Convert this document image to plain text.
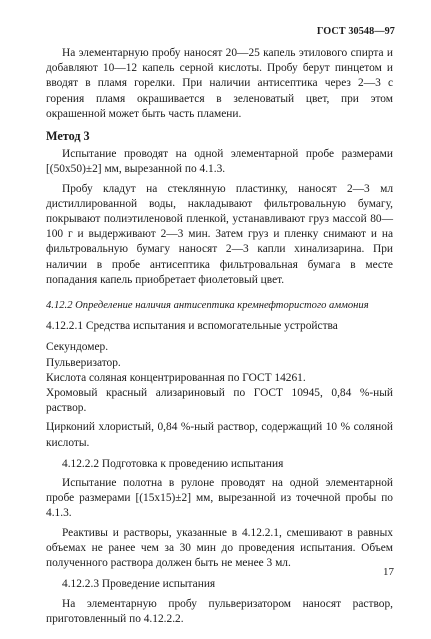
ГОСТ 30548—97

На элементарную пробу наносят 20—25 капель этилового спирта и добавляют 10—12 капель серной кислоты. Пробу берут пинцетом и вводят в пламя горелки. При наличии антисептика через 2—3 с горения пламя окрашивается в зеленоватый цвет, при этом окрашенной может быть часть пламени.

Метод 3

Испытание проводят на одной элементарной пробе размерами [(50x50)±2] мм, вырезанной по 4.1.3.

Пробу кладут на стеклянную пластинку, наносят 2—3 мл дистиллированной воды, накладывают фильтровальную бумагу, покрывают полиэтиленовой пленкой, устанавливают груз массой 80—100 г и выдерживают 2—3 мин. Затем груз и пленку снимают и на фильтровальную бумагу наносят 2—3 капли хинализарина. При наличии в пробе антисептика фильтровальная бумага в месте попадания капель приобретает фиолетовый цвет.

4.12.2 Определение наличия антисептика кремнефтористого аммония

4.12.2.1 Средства испытания и вспомогательные устройства

Секундомер.

Пульверизатор.

Кислота соляная концентрированная по ГОСТ 14261.

Хромовый красный ализариновый по ГОСТ 10945, 0,84 %-ный раствор.

Цирконий хлористый, 0,84 %-ный раствор, содержащий 10 % соляной кислоты.

4.12.2.2 Подготовка к проведению испытания

Испытание полотна в рулоне проводят на одной элементарной пробе размерами [(15x15)±2] мм, вырезанной из точечной пробы по 4.1.3.

Реактивы и растворы, указанные в 4.12.2.1, смешивают в равных объемах не ранее чем за 30 мин до проведения испытания. Объем полученного раствора должен быть не менее 3 мл.

4.12.2.3 Проведение испытания

На элементарную пробу пульверизатором наносят раствор, приготовленный по 4.12.2.2.

17
